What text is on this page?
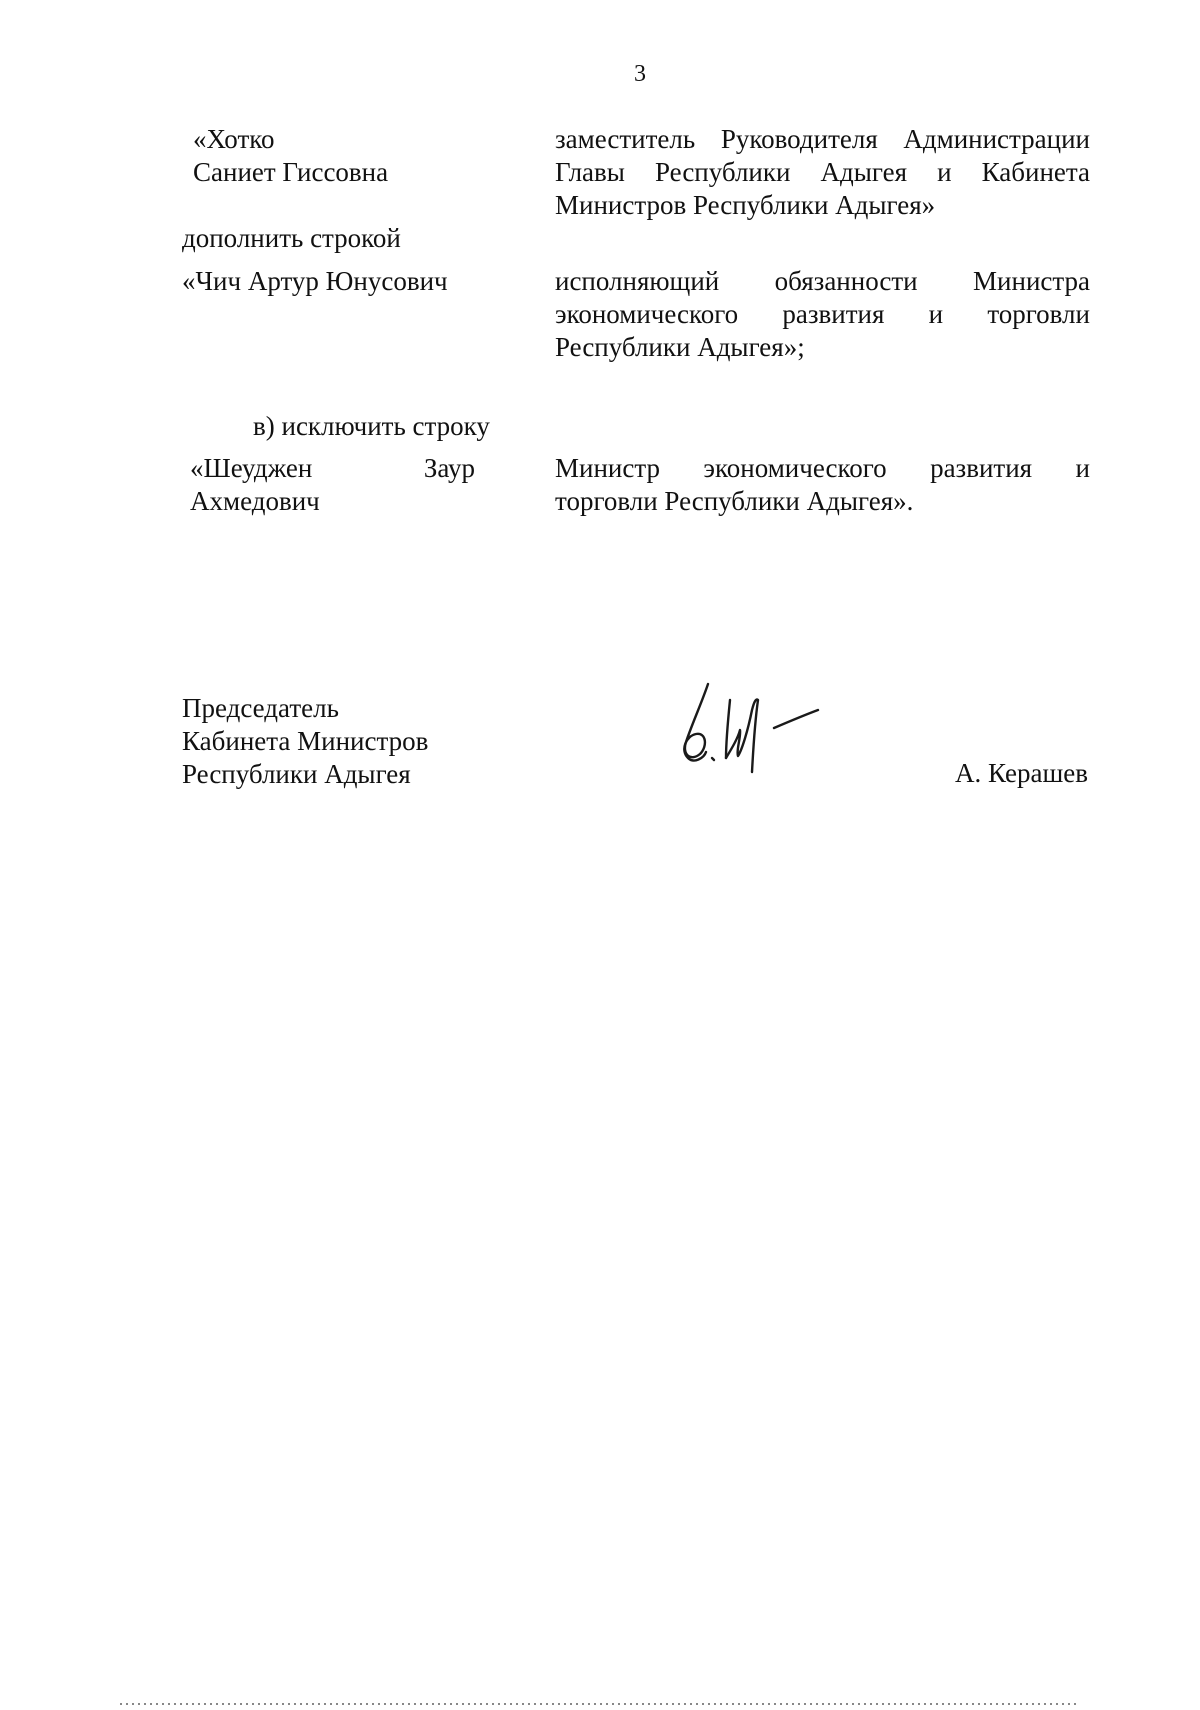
3
«Хотко
Саниет Гиссовна
заместитель Руководителя Администрации
Главы Республики Адыгея и Кабинета
Министров Республики Адыгея»
дополнить строкой
«Чич Артур Юнусович	исполняющий обязанности Министра
экономического развития и торговли
Республики Адыгея»;
в) исключить строку
«Шеуджен Заур
Ахмедович
Министр экономического развития и
торговли Республики Адыгея».
Председатель
Кабинета Министров
Республики Адыгея	А. Керашев
